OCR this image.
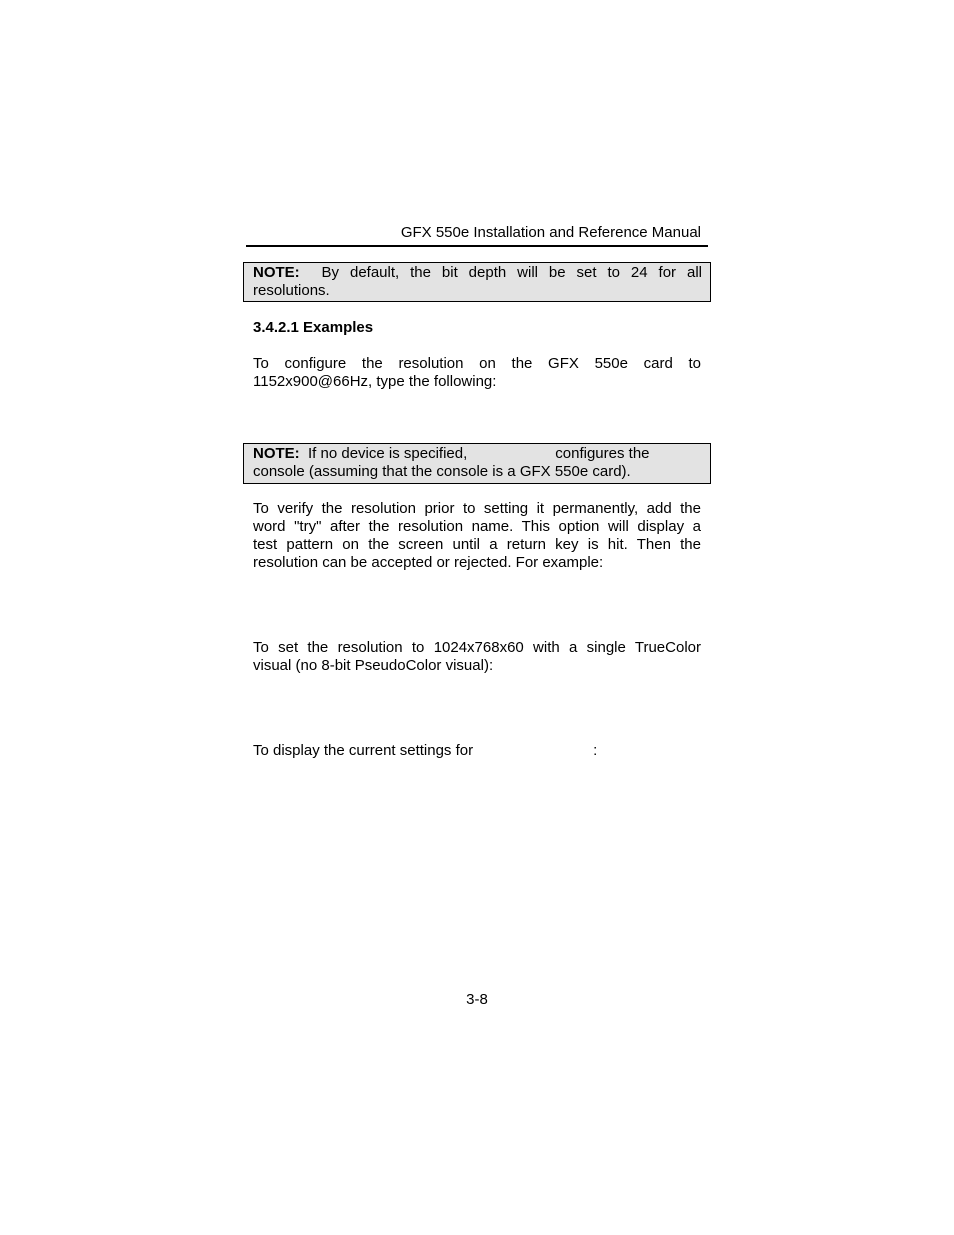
GFX 550e Installation and Reference Manual
NOTE: By default, the bit depth will be set to 24 for all
resolutions.
3.4.2.1 Examples
To configure the resolution on the GFX 550e card to
1152x900@66Hz, type the following:
NOTE: If no device is specified,	configures the
console (assuming that the console is a GFX 550e card).
To verify the resolution prior to setting it permanently, add the
word "try" after the resolution name. This option will display a
test pattern on the screen until a return key is hit. Then the
resolution can be accepted or rejected. For example:
To set the resolution to 1024x768x60 with a single TrueColor
visual (no 8-bit PseudoColor visual):
To display the current settings for	:
3-8
